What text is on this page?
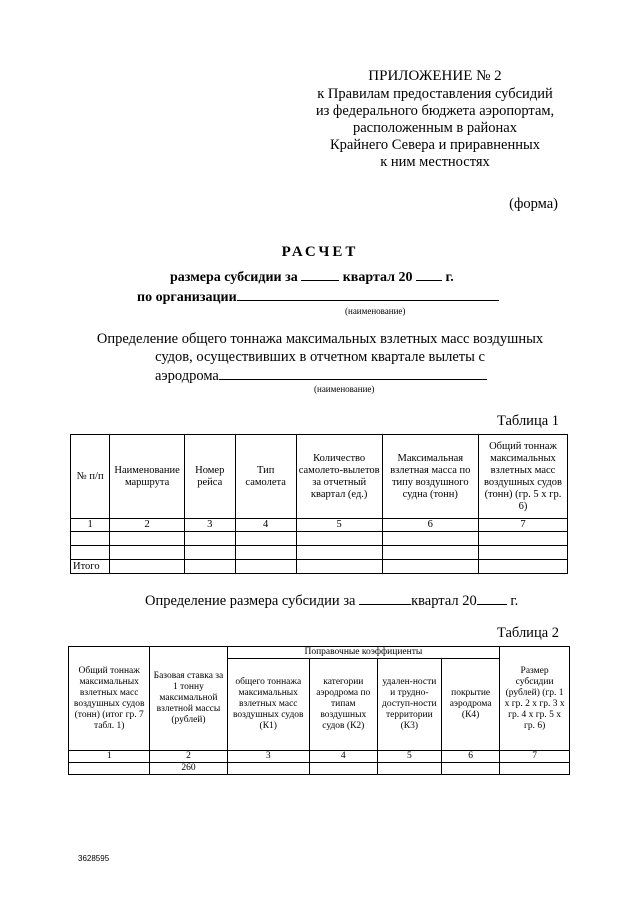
ПРИЛОЖЕНИЕ № 2
к Правилам предоставления субсидий
из федерального бюджета аэропортам,
расположенным в районах
Крайнего Севера и приравненных
к ним местностях
(форма)
РАСЧЕТ
размера субсидии за	квартал 20 г.
по организации
(наименование)
Определение общего тоннажа максимальных взлетных масс воздушных судов, осуществивших в отчетном квартале вылеты с
аэродрома
(наименование)
Таблица 1
№ п/п	Наименование маршрута	Номер рейса	Тип самолета	Количество самолето-вылетов за отчетный квартал (ед.)	Максимальная взлетная масса по типу воздушного судна (тонн)	Общий тоннаж максимальных взлетных масс воздушных судов (тонн) (гр. 5 x гр. 6)
1	2	3	4	5	6	7

Итого						
Определение размера субсидии за	квартал 20 г.
Таблица 2
Общий тоннаж максимальных взлетных масс воздушных судов (тонн) (итог гр. 7 табл. 1)	Базовая ставка за 1 тонну максимальной взлетной массы (рублей)	Поправочные коэффициенты				Размер субсидии (рублей) (гр. 1 х гр. 2 х гр. 3 х гр. 4 х гр. 5 х гр. 6)
		общего тоннажа максимальных взлетных масс воздушных судов (К1)	категории аэродрома по типам воздушных судов (К2)	удален-ности и трудно-доступ-ности территории (К3)	покрытие аэродрома (К4)	
1	2	3	4	5	6	7
	260					
3628595
